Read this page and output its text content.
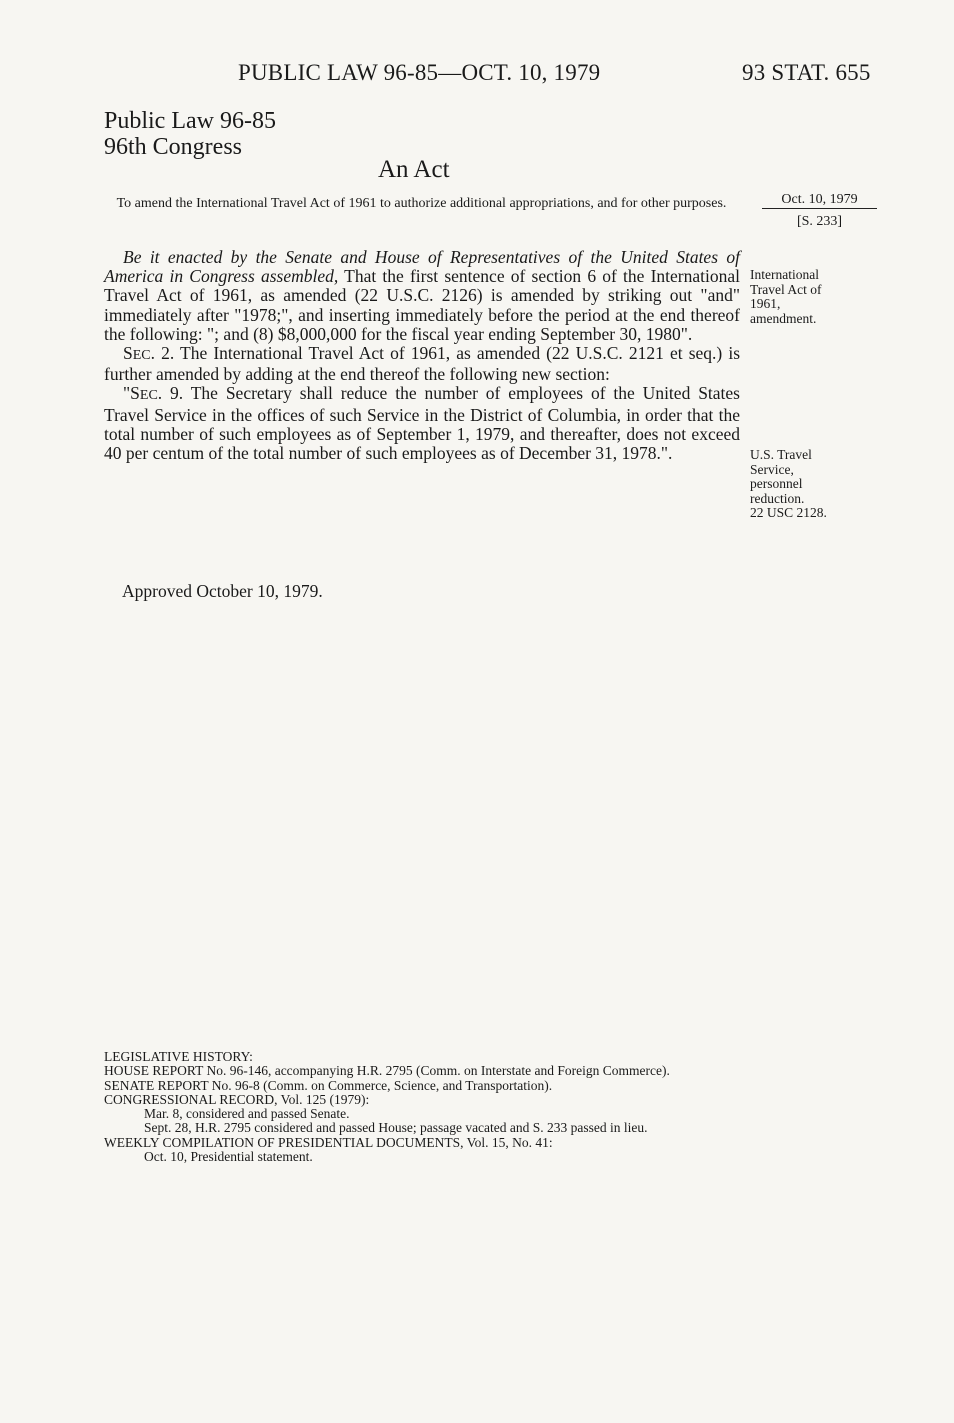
PUBLIC LAW 96-85—OCT. 10, 1979	93 STAT. 655
Public Law 96-85
96th Congress
An Act
To amend the International Travel Act of 1961 to authorize additional appropriations, and for other purposes.	Oct. 10, 1979
[S. 233]
International
Travel Act of
1961,
amendment.
U.S. Travel
Service,
personnel
reduction.
22 USC 2128.

Be it enacted by the Senate and House of Representatives of the United States of America in Congress assembled, That the first sentence of section 6 of the International Travel Act of 1961, as amended (22 U.S.C. 2126) is amended by striking out "and" immediately after "1978;", and inserting immediately before the period at the end thereof the following: "; and (8) $8,000,000 for the fiscal year ending September 30, 1980".

SEC. 2. The International Travel Act of 1961, as amended (22 U.S.C. 2121 et seq.) is further amended by adding at the end thereof the following new section:

"SEC. 9. The Secretary shall reduce the number of employees of the United States Travel Service in the offices of such Service in the District of Columbia, in order that the total number of such employees as of September 1, 1979, and thereafter, does not exceed 40 per centum of the total number of such employees as of December 31, 1978.".

Approved October 10, 1979.

LEGISLATIVE HISTORY:

HOUSE REPORT No. 96-146, accompanying H.R. 2795 (Comm. on Interstate and Foreign Commerce).

SENATE REPORT No. 96-8 (Comm. on Commerce, Science, and Transportation).

CONGRESSIONAL RECORD, Vol. 125 (1979):

Mar. 8, considered and passed Senate.

Sept. 28, H.R. 2795 considered and passed House; passage vacated and S. 233 passed in lieu.

WEEKLY COMPILATION OF PRESIDENTIAL DOCUMENTS, Vol. 15, No. 41:

Oct. 10, Presidential statement.
